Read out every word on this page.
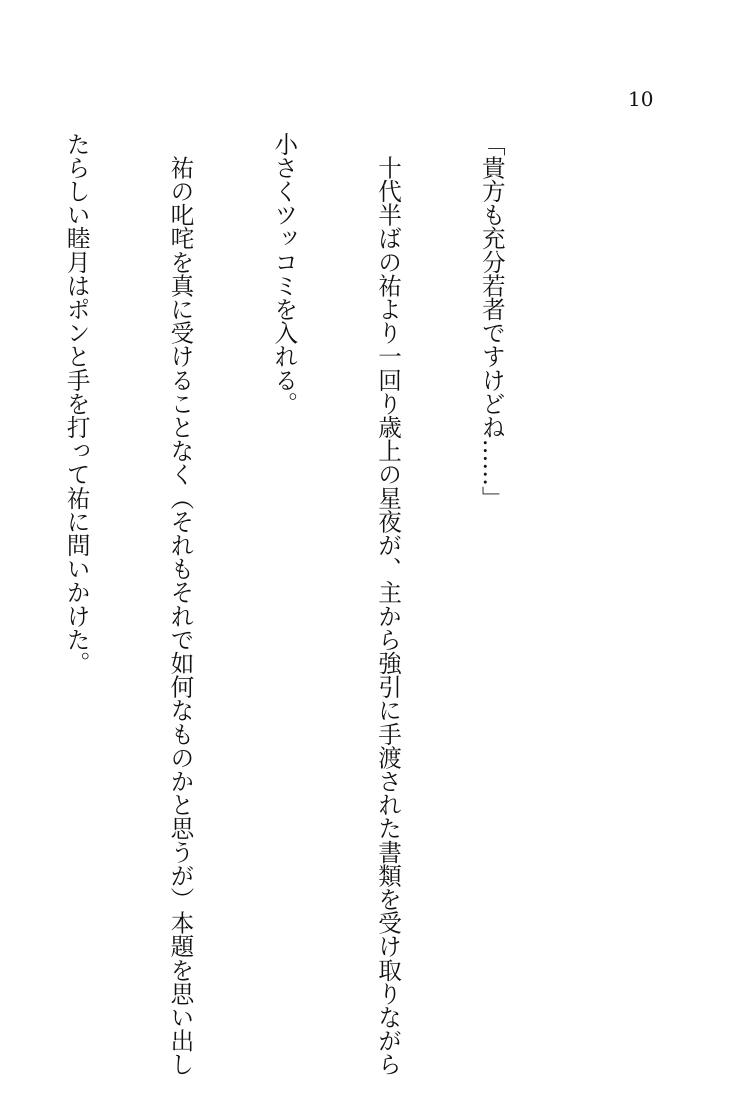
10

「貴方も充分若者ですけどね……」

　十代半ばの祐より一回り歳上の星夜が、主から強引に手渡された書類を受け取りながら

小さくツッコミを入れる。

　祐の叱咤を真に受けることなく（それもそれで如何なものかと思うが）本題を思い出し

たらしい睦月はポンと手を打って祐に問いかけた。
